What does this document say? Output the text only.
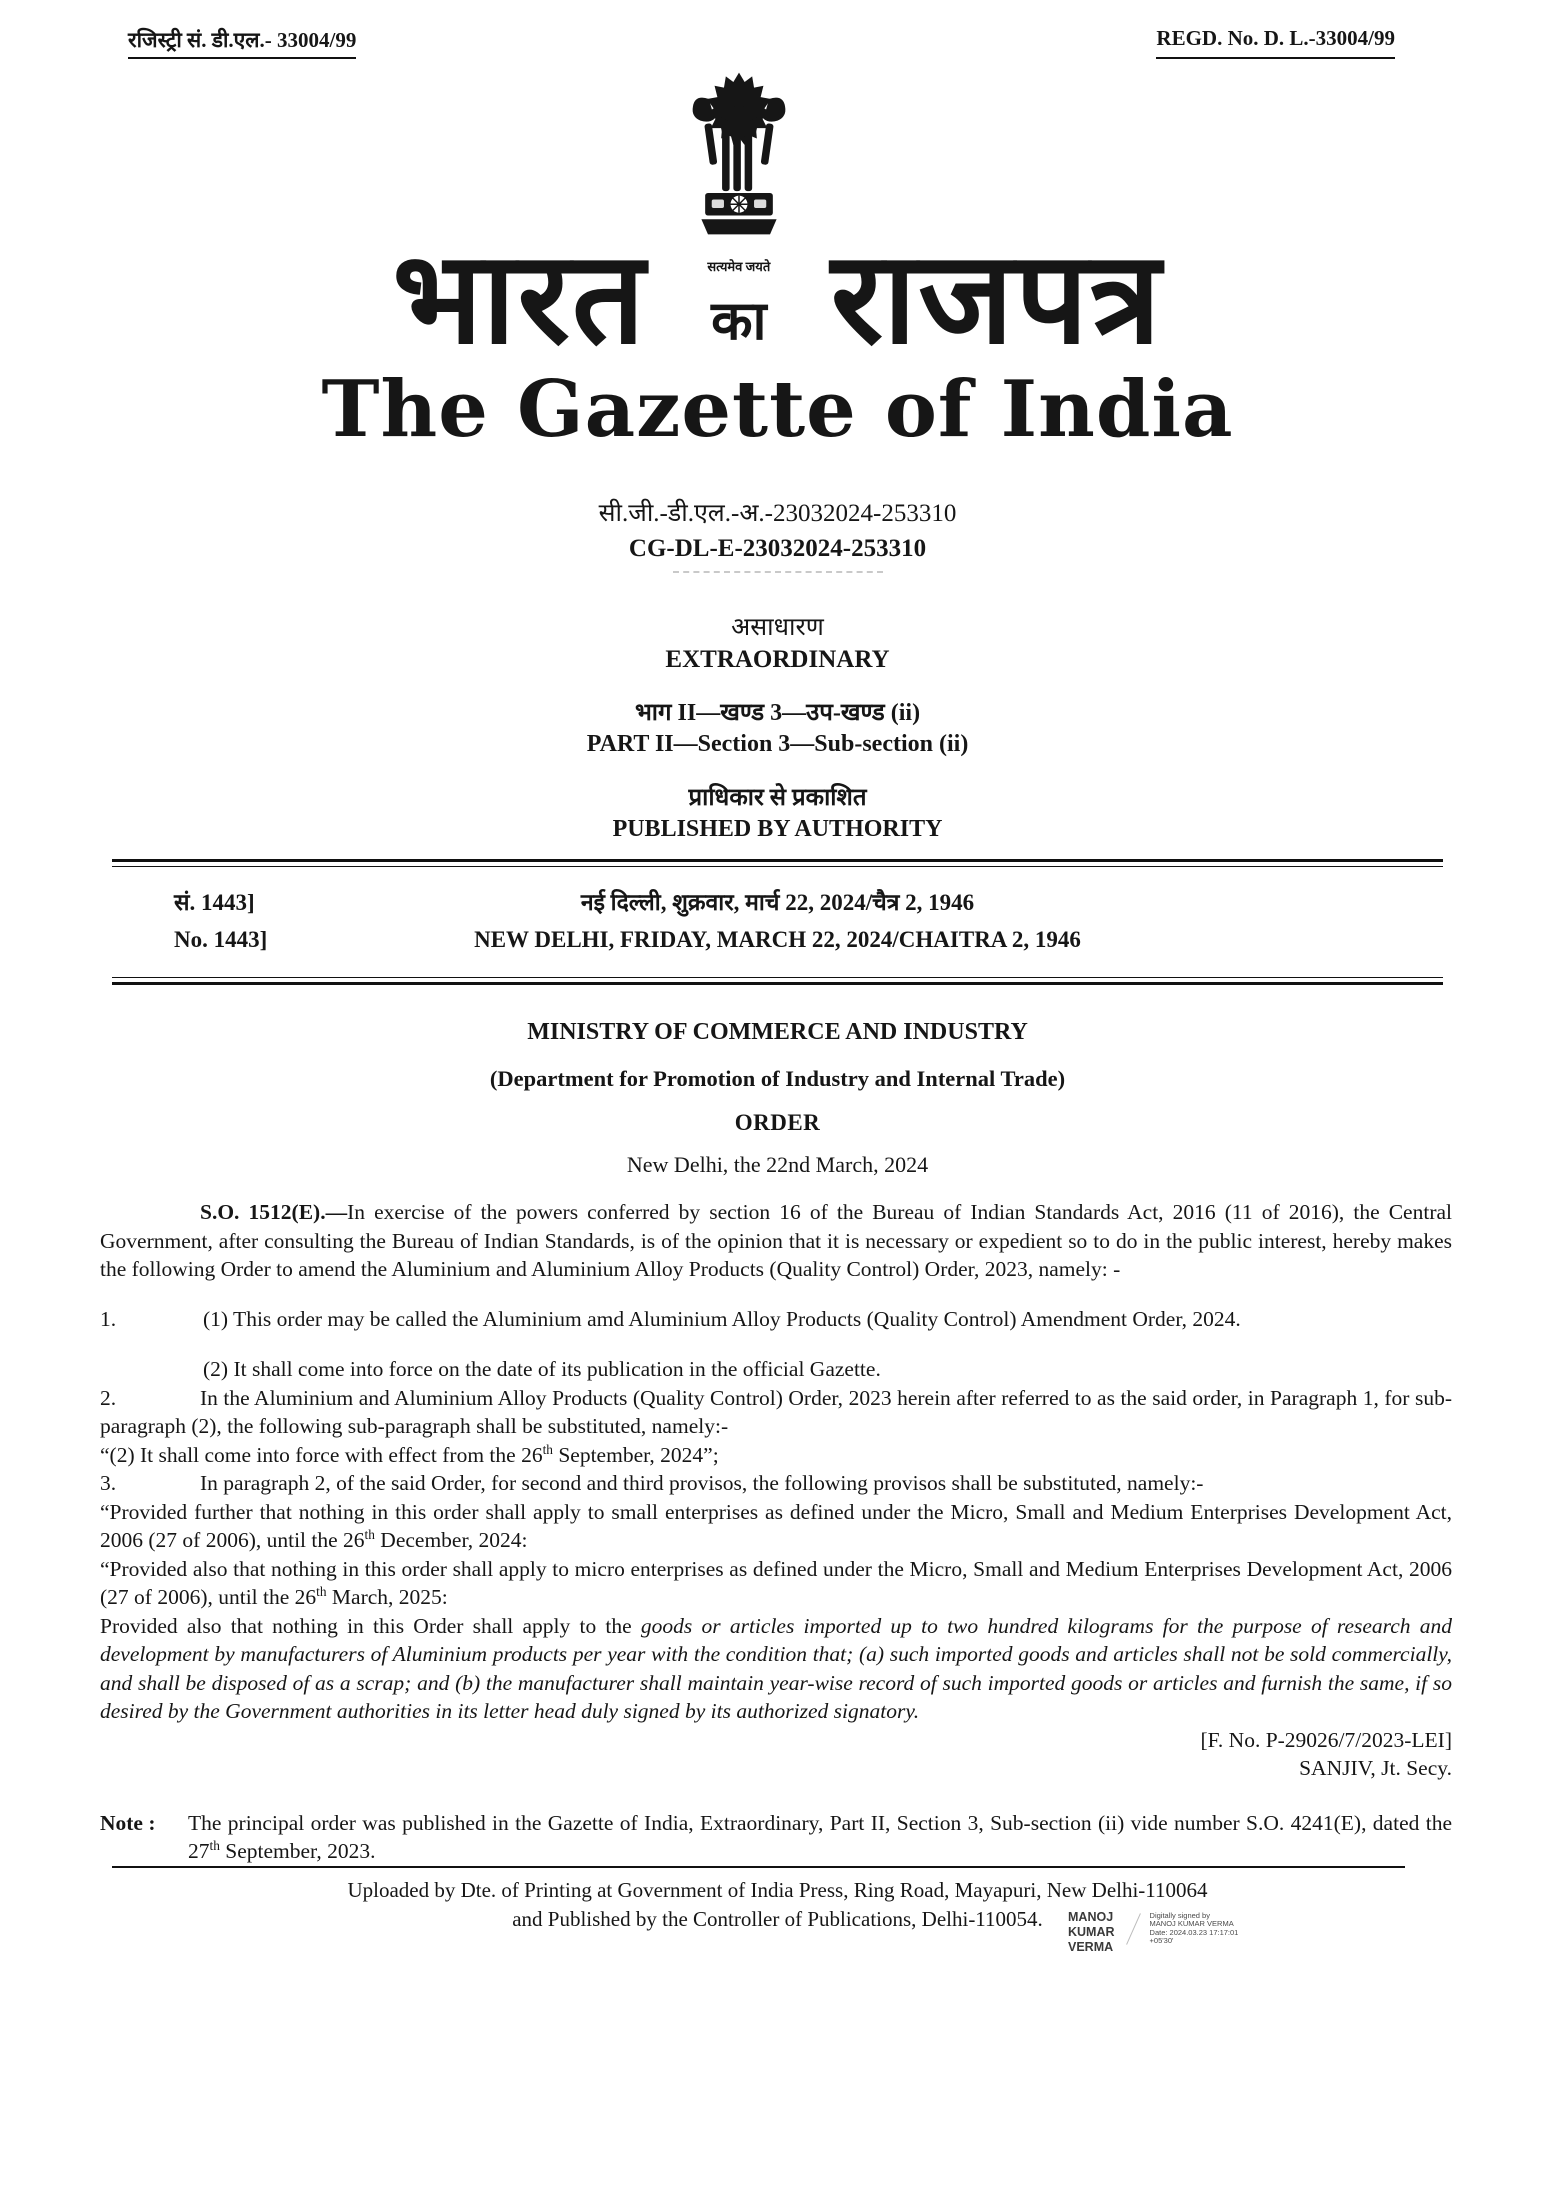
रजिस्ट्री सं. डी.एल.- 33004/99	REGD. No. D. L.-33004/99
भारत	सत्यमेव जयते
का राजपत्र
The Gazette of India
सी.जी.-डी.एल.-अ.-23032024-253310
CG-DL-E-23032024-253310
असाधारण
EXTRAORDINARY
भाग II—खण्ड 3—उप-खण्ड (ii)
PART II—Section 3—Sub-section (ii)
प्राधिकार से प्रकाशित
PUBLISHED BY AUTHORITY
सं. 1443]	नई दिल्ली, शुक्रवार, मार्च 22, 2024/चैत्र 2, 1946
No. 1443]	NEW DELHI, FRIDAY, MARCH 22, 2024/CHAITRA 2, 1946
MINISTRY OF COMMERCE AND INDUSTRY
(Department for Promotion of Industry and Internal Trade)
ORDER
New Delhi, the 22nd March, 2024

S.O. 1512(E).—In exercise of the powers conferred by section 16 of the Bureau of Indian Standards Act, 2016 (11 of 2016), the Central Government, after consulting the Bureau of Indian Standards, is of the opinion that it is necessary or expedient so to do in the public interest, hereby makes the following Order to amend the Aluminium and Aluminium Alloy Products (Quality Control) Order, 2023, namely: -

1.	(1) This order may be called the Aluminium amd Aluminium Alloy Products (Quality Control) Amendment Order, 2024.

(2) It shall come into force on the date of its publication in the official Gazette.

2.	In the Aluminium and Aluminium Alloy Products (Quality Control) Order, 2023 herein after referred to as the said order, in Paragraph 1, for sub-paragraph (2), the following sub-paragraph shall be substituted, namely:-

“(2) It shall come into force with effect from the 26th September, 2024”;

3.	In paragraph 2, of the said Order, for second and third provisos, the following provisos shall be substituted, namely:-

“Provided further that nothing in this order shall apply to small enterprises as defined under the Micro, Small and Medium Enterprises Development Act, 2006 (27 of 2006), until the 26th December, 2024:

“Provided also that nothing in this order shall apply to micro enterprises as defined under the Micro, Small and Medium Enterprises Development Act, 2006 (27 of 2006), until the 26th March, 2025:

Provided also that nothing in this Order shall apply to the goods or articles imported up to two hundred kilograms for the purpose of research and development by manufacturers of Aluminium products per year with the condition that; (a) such imported goods and articles shall not be sold commercially, and shall be disposed of as a scrap; and (b) the manufacturer shall maintain year-wise record of such imported goods or articles and furnish the same, if so desired by the Government authorities in its letter head duly signed by its authorized signatory.

[F. No. P-29026/7/2023-LEI]

SANJIV, Jt. Secy.

Note : The principal order was published in the Gazette of India, Extraordinary, Part II, Section 3, Sub-section (ii) vide number S.O. 4241(E), dated the 27th September, 2023.

Uploaded by Dte. of Printing at Government of India Press, Ring Road, Mayapuri, New Delhi-110064
and Published by the Controller of Publications, Delhi-110054.	MANOJ
KUMAR
VERMA
Digitally signed by
MANOJ KUMAR VERMA
Date: 2024.03.23 17:17:01
+05'30'
